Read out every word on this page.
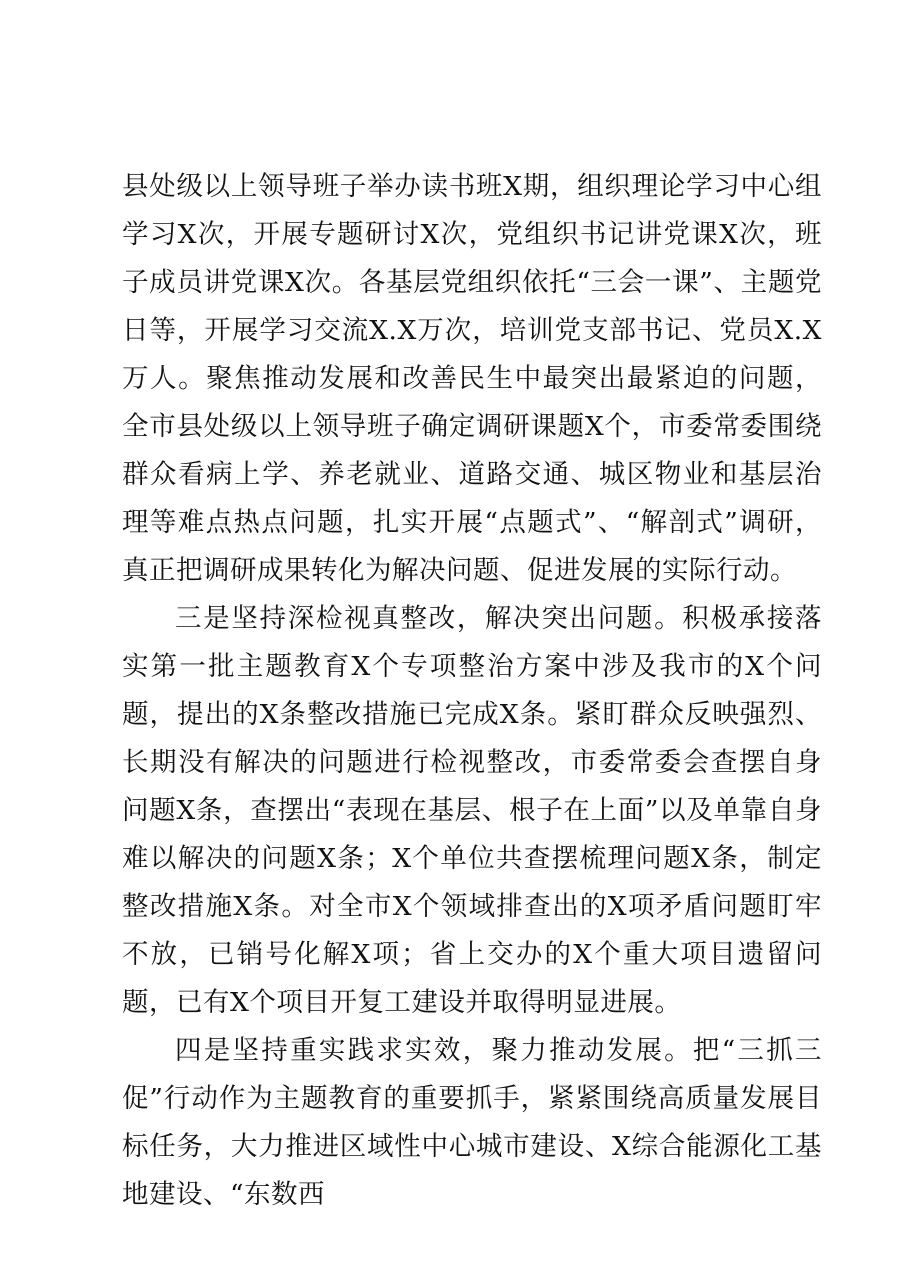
县处级以上领导班子举办读书班X期，组织理论学习中心组学习X次，开展专题研讨X次，党组织书记讲党课X次，班子成员讲党课X次。各基层党组织依托“三会一课”、主题党日等，开展学习交流X.X万次，培训党支部书记、党员X.X万人。聚焦推动发展和改善民生中最突出最紧迫的问题，全市县处级以上领导班子确定调研课题X个，市委常委围绕群众看病上学、养老就业、道路交通、城区物业和基层治理等难点热点问题，扎实开展“点题式”、“解剖式”调研，真正把调研成果转化为解决问题、促进发展的实际行动。

三是坚持深检视真整改，解决突出问题。积极承接落实第一批主题教育X个专项整治方案中涉及我市的X个问题，提出的X条整改措施已完成X条。紧盯群众反映强烈、长期没有解决的问题进行检视整改，市委常委会查摆自身问题X条，查摆出“表现在基层、根子在上面”以及单靠自身难以解决的问题X条；X个单位共查摆梳理问题X条，制定整改措施X条。对全市X个领域排查出的X项矛盾问题盯牢不放，已销号化解X项；省上交办的X个重大项目遗留问题，已有X个项目开复工建设并取得明显进展。

四是坚持重实践求实效，聚力推动发展。把“三抓三促”行动作为主题教育的重要抓手，紧紧围绕高质量发展目标任务，大力推进区域性中心城市建设、X综合能源化工基地建设、“东数西
